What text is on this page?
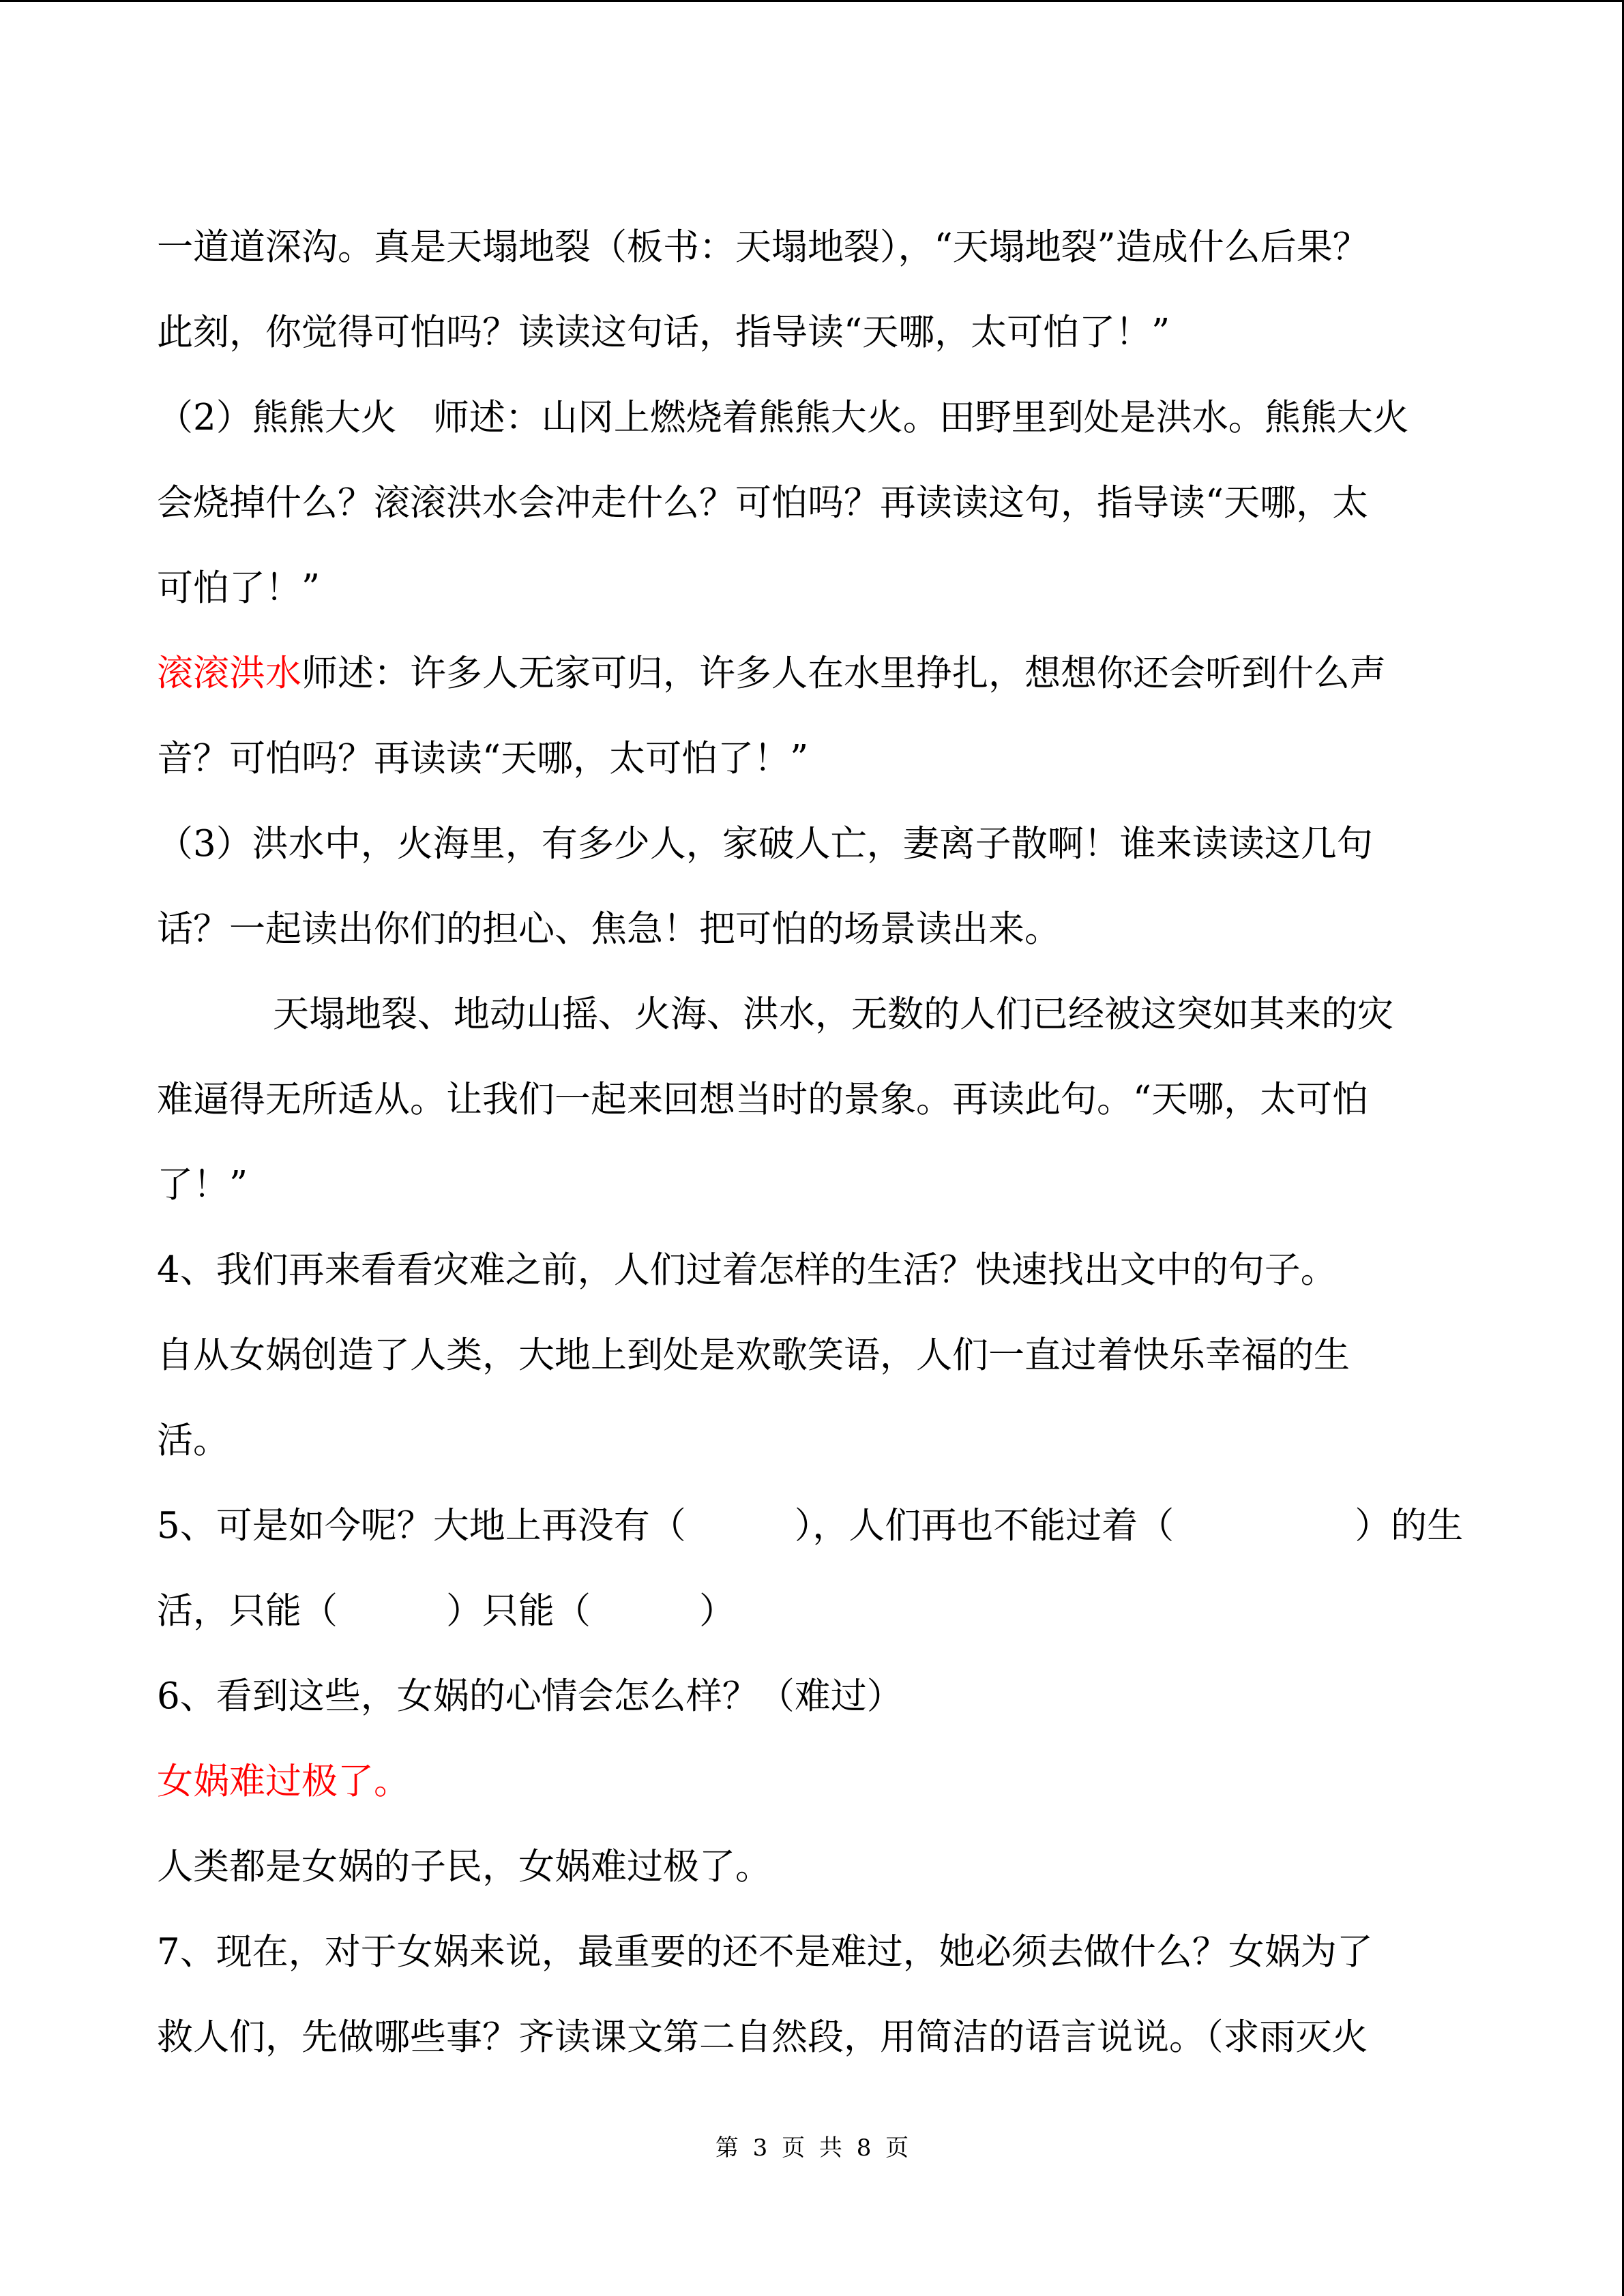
一道道深沟。真是天塌地裂（板书：天塌地裂），“天塌地裂”造成什么后果？
此刻，你觉得可怕吗？读读这句话，指导读“天哪，太可怕了！”
（2）熊熊大火　师述：山冈上燃烧着熊熊大火。田野里到处是洪水。熊熊大火
会烧掉什么？滚滚洪水会冲走什么？可怕吗？再读读这句，指导读“天哪，太
可怕了！”
滚滚洪水师述：许多人无家可归，许多人在水里挣扎，想想你还会听到什么声
音？可怕吗？再读读“天哪，太可怕了！”
（3）洪水中，火海里，有多少人，家破人亡，妻离子散啊！谁来读读这几句
话？一起读出你们的担心、焦急！把可怕的场景读出来。
天塌地裂、地动山摇、火海、洪水，无数的人们已经被这突如其来的灾
难逼得无所适从。让我们一起来回想当时的景象。再读此句。“天哪，太可怕
了！”
4、我们再来看看灾难之前，人们过着怎样的生活？快速找出文中的句子。
自从女娲创造了人类，大地上到处是欢歌笑语，人们一直过着快乐幸福的生
活。
5、可是如今呢？大地上再没有（　　　），人们再也不能过着（　　　　　）的生
活，只能（　　　）只能（　　　）
6、看到这些，女娲的心情会怎么样？（难过）
女娲难过极了。
人类都是女娲的子民，女娲难过极了。
7、现在，对于女娲来说，最重要的还不是难过，她必须去做什么？女娲为了
救人们，先做哪些事？齐读课文第二自然段，用简洁的语言说说。（求雨灭火
第 3 页 共 8 页
